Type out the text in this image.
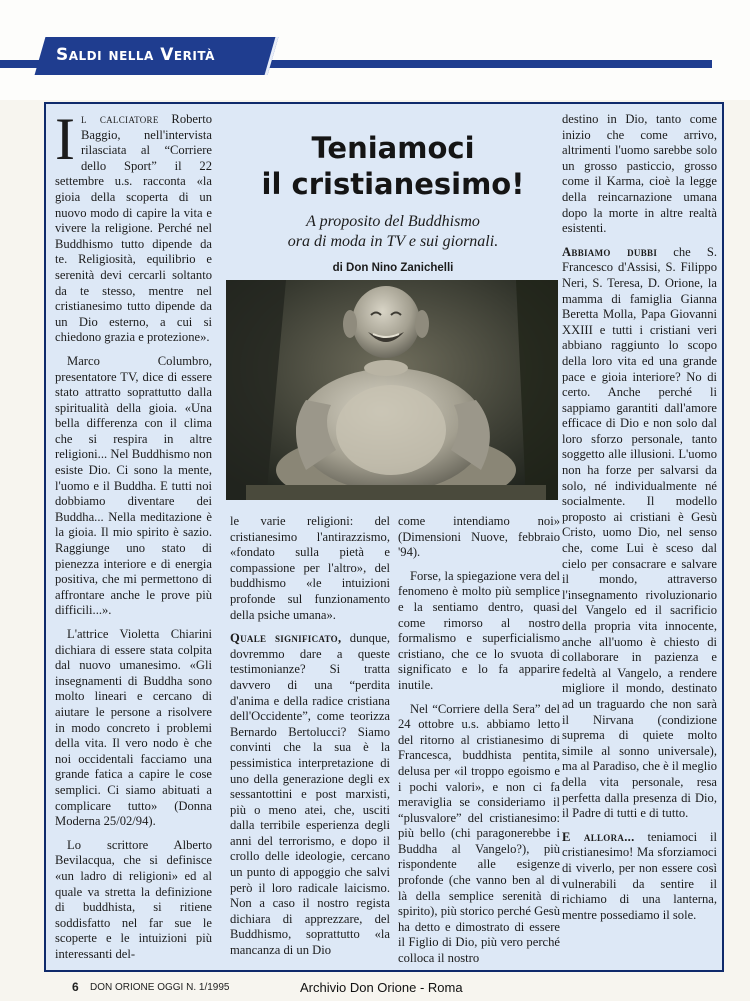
Saldi nella Verità

Il calciatore Roberto Baggio, nell'intervista rilasciata al “Corriere dello Sport” il 22 settembre u.s. racconta «la gioia della scoperta di un nuovo modo di capire la vita e vivere la religione. Perché nel Buddhismo tutto dipende da te. Religiosità, equilibrio e serenità devi cercarli soltanto da te stesso, mentre nel cristianesimo tutto dipende da un Dio esterno, a cui si chiedono grazia e protezione».

Marco Columbro, presentatore TV, dice di essere stato attratto soprattutto dalla spiritualità della gioia. «Una bella differenza con il clima che si respira in altre religioni... Nel Buddhismo non esiste Dio. Ci sono la mente, l'uomo e il Buddha. E tutti noi dobbiamo diventare dei Buddha... Nella meditazione è la gioia. Il mio spirito è sazio. Raggiunge uno stato di pienezza interiore e di energia positiva, che mi permettono di affrontare anche le prove più difficili...».

L'attrice Violetta Chiarini dichiara di essere stata colpita dal nuovo umanesimo. «Gli insegnamenti di Buddha sono molto lineari e cercano di aiutare le persone a risolvere in modo concreto i problemi della vita. Il vero nodo è che noi occidentali facciamo una grande fatica a capire le cose semplici. Ci siamo abituati a complicare tutto» (Donna Moderna 25/02/94).

Lo scrittore Alberto Bevilacqua, che si definisce «un ladro di religioni» ed al quale va stretta la definizione di buddhista, si ritiene soddisfatto nel far sue le scoperte e le intuizioni più interessanti del-

Teniamoci
il cristianesimo!
A proposito del Buddhismo
ora di moda in TV e sui giornali.
di Don Nino Zanichelli

le varie religioni: del cristianesimo l'antirazzismo, «fondato sulla pietà e compassione per l'altro», del buddhismo «le intuizioni profonde sul funzionamento della psiche umana».

Quale significato, dunque, dovremmo dare a queste testimonianze? Si tratta davvero di una “perdita d'anima e della radice cristiana dell'Occidente”, come teorizza Bernardo Bertolucci? Siamo convinti che la sua è la pessimistica interpretazione di uno della generazione degli ex sessantottini e post marxisti, più o meno atei, che, usciti dalla terribile esperienza degli anni del terrorismo, e dopo il crollo delle ideologie, cercano un punto di appoggio che salvi però il loro radicale laicismo. Non a caso il nostro regista dichiara di apprezzare, del Buddhismo, soprattutto «la mancanza di un Dio

come intendiamo noi» (Dimensioni Nuove, febbraio '94).

Forse, la spiegazione vera del fenomeno è molto più semplice e la sentiamo dentro, quasi come rimorso al nostro formalismo e superficialismo cristiano, che ce lo svuota di significato e lo fa apparire inutile.

Nel “Corriere della Sera” del 24 ottobre u.s. abbiamo letto del ritorno al cristianesimo di Francesca, buddhista pentita, delusa per «il troppo egoismo e i pochi valori», e non ci fa meraviglia se consideriamo il “plusvalore” del cristianesimo: più bello (chi paragonerebbe i Buddha al Vangelo?), più rispondente alle esigenze profonde (che vanno ben al di là della semplice serenità di spirito), più storico perché Gesù ha detto e dimostrato di essere il Figlio di Dio, più vero perché colloca il nostro

destino in Dio, tanto come inizio che come arrivo, altrimenti l'uomo sarebbe solo un grosso pasticcio, grosso come il Karma, cioè la legge della reincarnazione umana dopo la morte in altre realtà esistenti.

Abbiamo dubbi che S. Francesco d'Assisi, S. Filippo Neri, S. Teresa, D. Orione, la mamma di famiglia Gianna Beretta Molla, Papa Giovanni XXIII e tutti i cristiani veri abbiano raggiunto lo scopo della loro vita ed una grande pace e gioia interiore? No di certo. Anche perché li sappiamo garantiti dall'amore efficace di Dio e non solo dal loro sforzo personale, tanto soggetto alle illusioni. L'uomo non ha forze per salvarsi da solo, né individualmente né socialmente. Il modello proposto ai cristiani è Gesù Cristo, uomo Dio, nel senso che, come Lui è sceso dal cielo per consacrare e salvare il mondo, attraverso l'insegnamento rivoluzionario del Vangelo ed il sacrificio della propria vita innocente, anche all'uomo è chiesto di collaborare in pazienza e fedeltà al Vangelo, a rendere migliore il mondo, destinato ad un traguardo che non sarà il Nirvana (condizione suprema di quiete molto simile al sonno universale), ma al Paradiso, che è il meglio della vita personale, resa perfetta dalla presenza di Dio, il Padre di tutti e di tutto.

E allora... teniamoci il cristianesimo! Ma sforziamoci di viverlo, per non essere così vulnerabili da sentire il richiamo di una lanterna, mentre possediamo il sole.

6 DON ORIONE OGGI N. 1/1995	Archivio Don Orione - Roma
